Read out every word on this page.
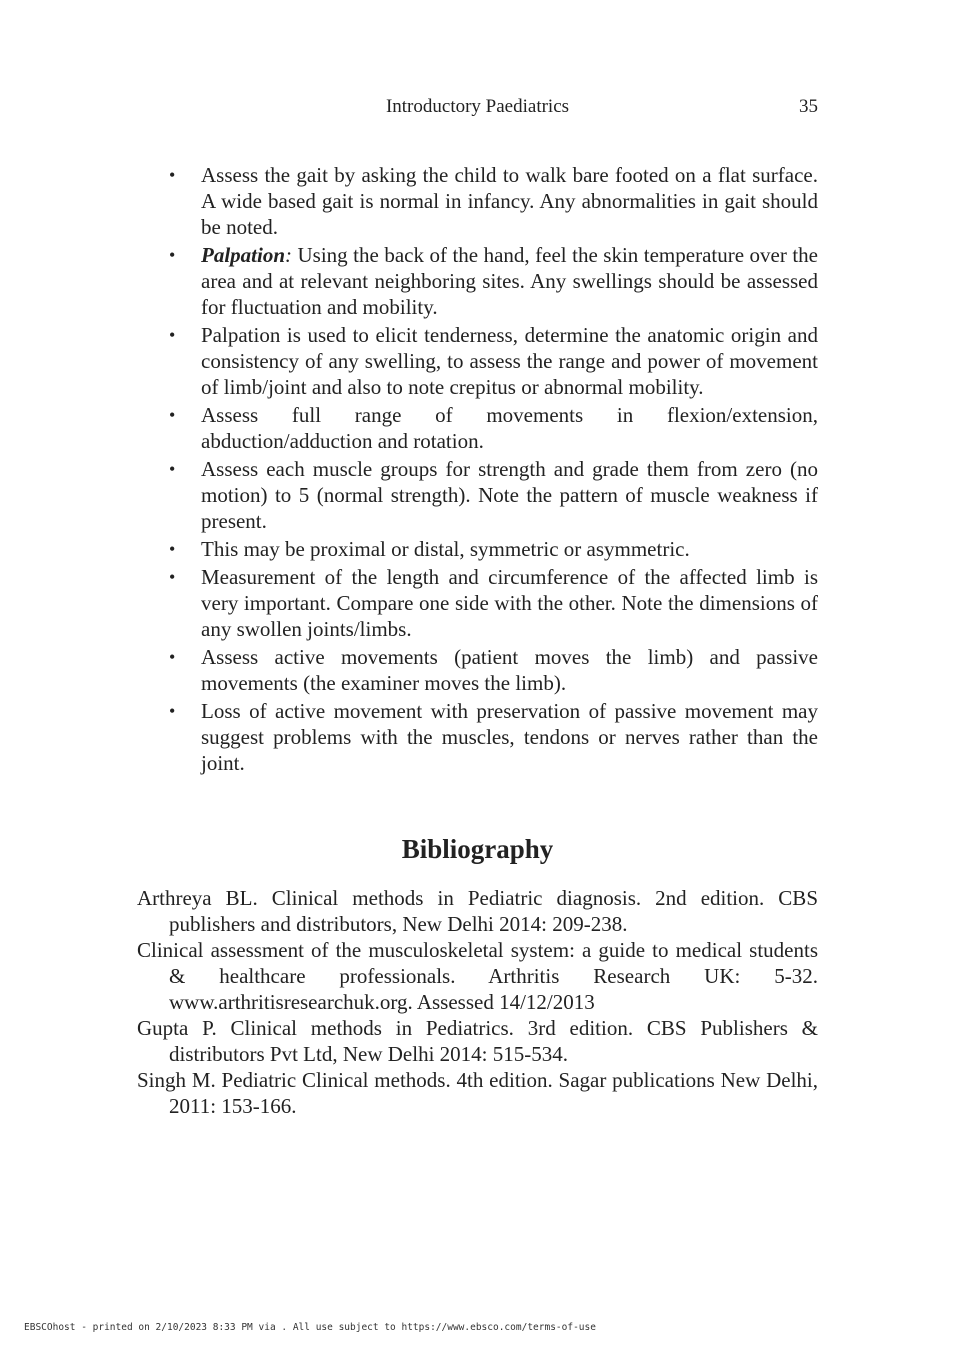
Introductory Paediatrics	35
• Assess the gait by asking the child to walk bare footed on a flat surface. A wide based gait is normal in infancy. Any abnormalities in gait should be noted.
• Palpation: Using the back of the hand, feel the skin temperature over the area and at relevant neighboring sites. Any swellings should be assessed for fluctuation and mobility.
• Palpation is used to elicit tenderness, determine the anatomic origin and consistency of any swelling, to assess the range and power of movement of limb/joint and also to note crepitus or abnormal mobility.
• Assess full range of movements in flexion/extension, abduction/adduction and rotation.
• Assess each muscle groups for strength and grade them from zero (no motion) to 5 (normal strength). Note the pattern of muscle weakness if present.
• This may be proximal or distal, symmetric or asymmetric.
• Measurement of the length and circumference of the affected limb is very important. Compare one side with the other. Note the dimensions of any swollen joints/limbs.
• Assess active movements (patient moves the limb) and passive movements (the examiner moves the limb).
• Loss of active movement with preservation of passive movement may suggest problems with the muscles, tendons or nerves rather than the joint.
Bibliography
Arthreya BL. Clinical methods in Pediatric diagnosis. 2nd edition. CBS publishers and distributors, New Delhi 2014: 209-238.
Clinical assessment of the musculoskeletal system: a guide to medical students & healthcare professionals. Arthritis Research UK: 5-32. www.arthritisresearchuk.org. Assessed 14/12/2013
Gupta P. Clinical methods in Pediatrics. 3rd edition. CBS Publishers & distributors Pvt Ltd, New Delhi 2014: 515-534.
Singh M. Pediatric Clinical methods. 4th edition. Sagar publications New Delhi, 2011: 153-166.
EBSCOhost - printed on 2/10/2023 8:33 PM via . All use subject to https://www.ebsco.com/terms-of-use
